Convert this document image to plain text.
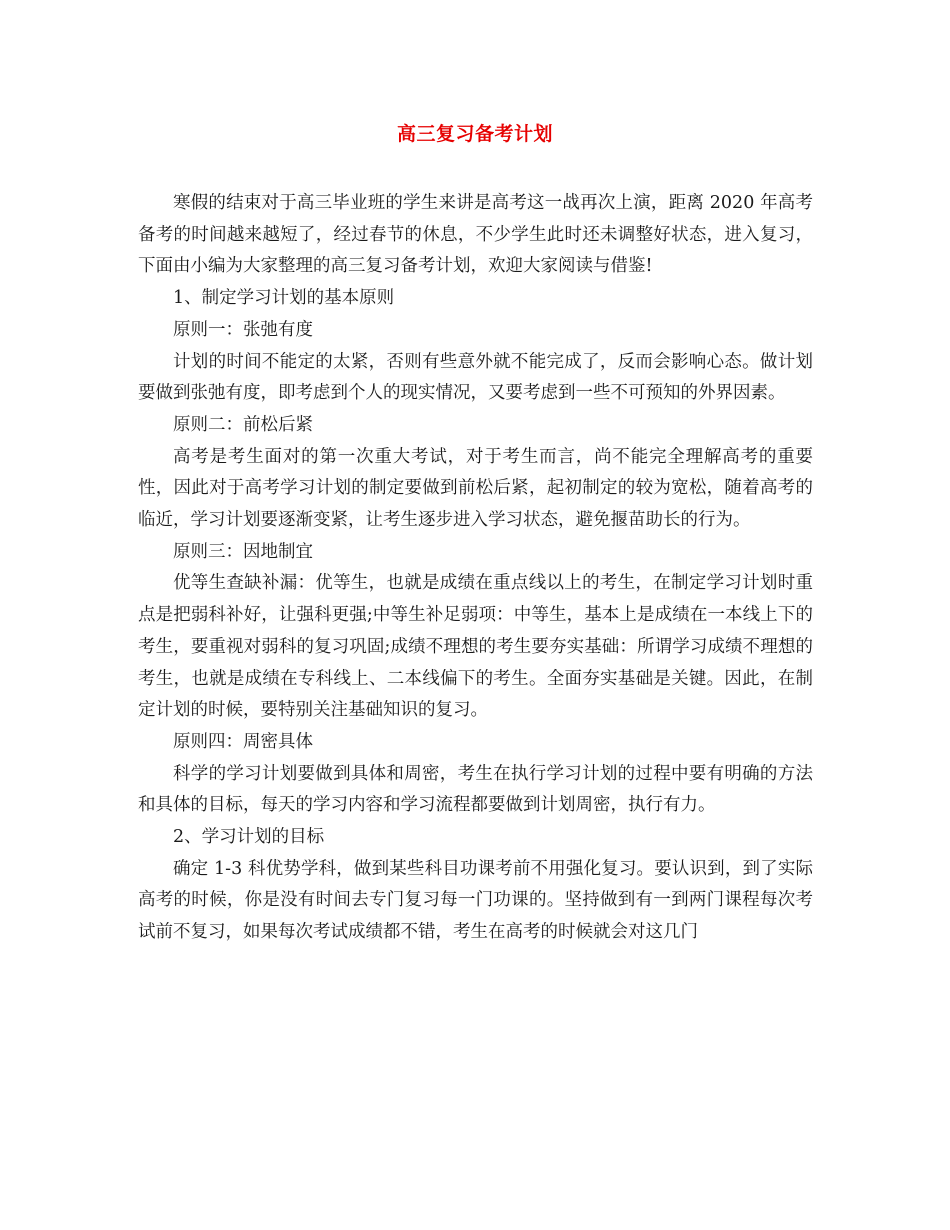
高三复习备考计划

寒假的结束对于高三毕业班的学生来讲是高考这一战再次上演，距离 2020 年高考备考的时间越来越短了，经过春节的休息，不少学生此时还未调整好状态，进入复习，下面由小编为大家整理的高三复习备考计划，欢迎大家阅读与借鉴!

1、制定学习计划的基本原则

原则一：张弛有度

计划的时间不能定的太紧，否则有些意外就不能完成了，反而会影响心态。做计划要做到张弛有度，即考虑到个人的现实情况，又要考虑到一些不可预知的外界因素。

原则二：前松后紧

高考是考生面对的第一次重大考试，对于考生而言，尚不能完全理解高考的重要性，因此对于高考学习计划的制定要做到前松后紧，起初制定的较为宽松，随着高考的临近，学习计划要逐渐变紧，让考生逐步进入学习状态，避免揠苗助长的行为。

原则三：因地制宜

优等生查缺补漏：优等生，也就是成绩在重点线以上的考生，在制定学习计划时重点是把弱科补好，让强科更强;中等生补足弱项：中等生，基本上是成绩在一本线上下的考生，要重视对弱科的复习巩固;成绩不理想的考生要夯实基础：所谓学习成绩不理想的考生，也就是成绩在专科线上、二本线偏下的考生。全面夯实基础是关键。因此，在制定计划的时候，要特别关注基础知识的复习。

原则四：周密具体

科学的学习计划要做到具体和周密，考生在执行学习计划的过程中要有明确的方法和具体的目标，每天的学习内容和学习流程都要做到计划周密，执行有力。

2、学习计划的目标

确定 1-3 科优势学科，做到某些科目功课考前不用强化复习。要认识到，到了实际高考的时候，你是没有时间去专门复习每一门功课的。坚持做到有一到两门课程每次考试前不复习，如果每次考试成绩都不错，考生在高考的时候就会对这几门
